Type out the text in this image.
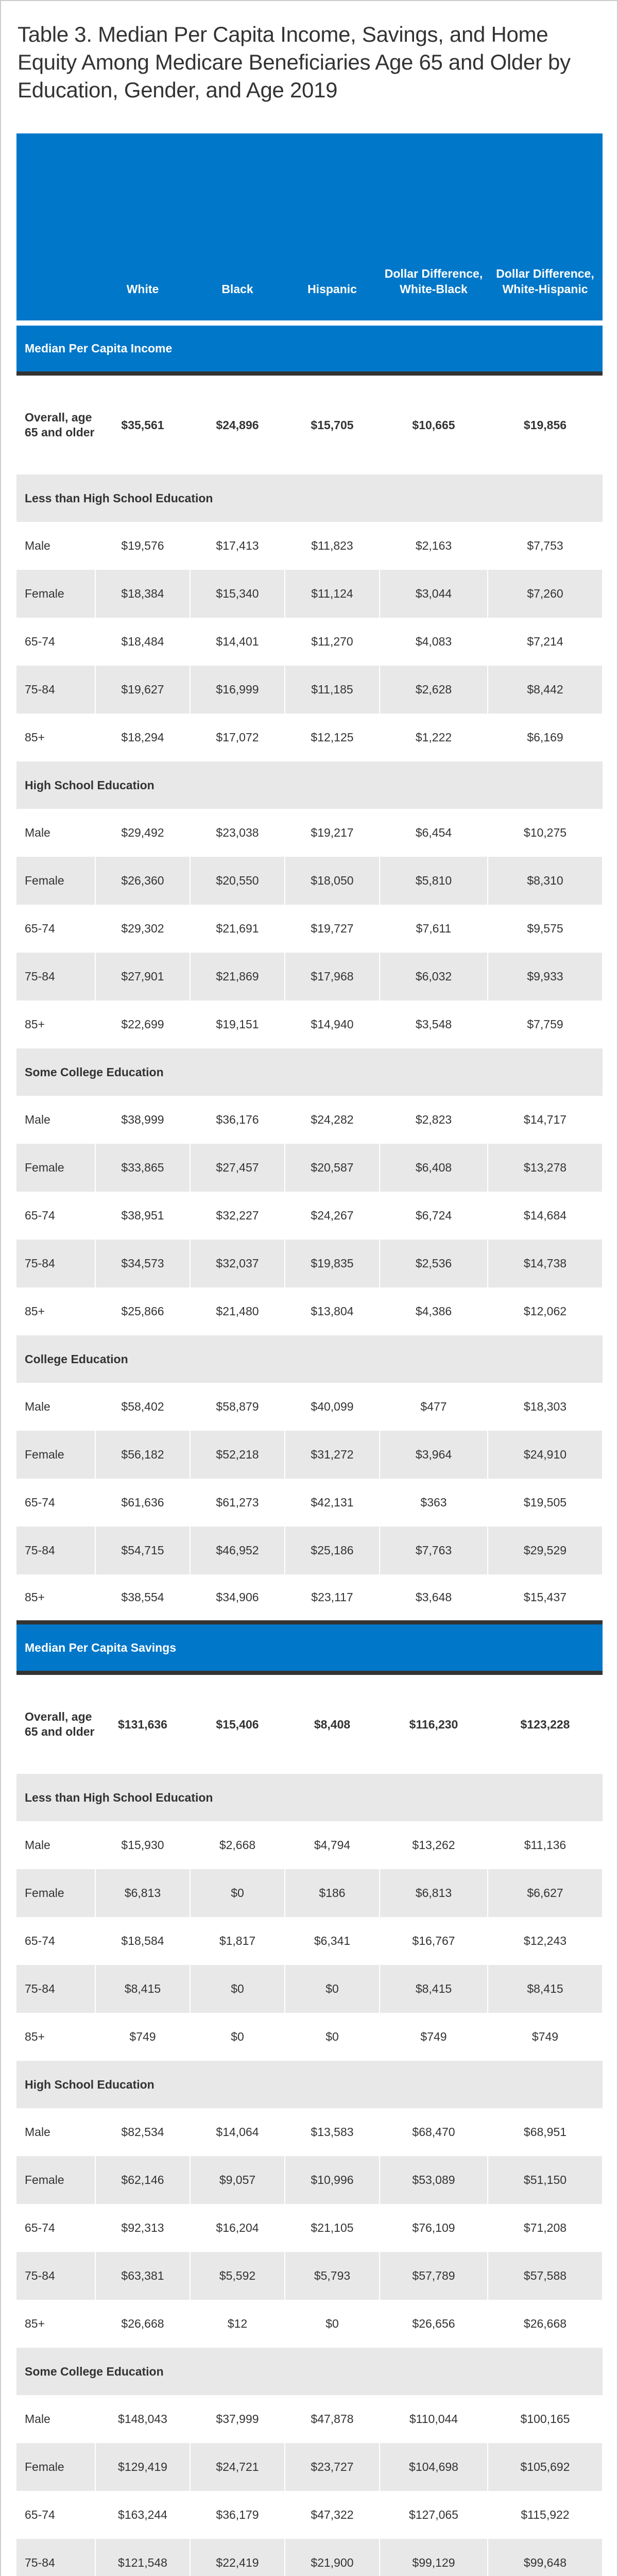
Table 3. Median Per Capita Income, Savings, and Home Equity Among Medicare Beneficiaries Age 65 and Older by Education, Gender, and Age 2019
	White	Black	Hispanic	Dollar Difference, White-Black	Dollar Difference, White-Hispanic
Median Per Capita Income					
Overall, age 65 and older	$35,561	$24,896	$15,705	$10,665	$19,856
Less than High School Education					
Male	$19,576	$17,413	$11,823	$2,163	$7,753
Female	$18,384	$15,340	$11,124	$3,044	$7,260
65-74	$18,484	$14,401	$11,270	$4,083	$7,214
75-84	$19,627	$16,999	$11,185	$2,628	$8,442
85+	$18,294	$17,072	$12,125	$1,222	$6,169
High School Education					
Male	$29,492	$23,038	$19,217	$6,454	$10,275
Female	$26,360	$20,550	$18,050	$5,810	$8,310
65-74	$29,302	$21,691	$19,727	$7,611	$9,575
75-84	$27,901	$21,869	$17,968	$6,032	$9,933
85+	$22,699	$19,151	$14,940	$3,548	$7,759
Some College Education					
Male	$38,999	$36,176	$24,282	$2,823	$14,717
Female	$33,865	$27,457	$20,587	$6,408	$13,278
65-74	$38,951	$32,227	$24,267	$6,724	$14,684
75-84	$34,573	$32,037	$19,835	$2,536	$14,738
85+	$25,866	$21,480	$13,804	$4,386	$12,062
College Education					
Male	$58,402	$58,879	$40,099	$477	$18,303
Female	$56,182	$52,218	$31,272	$3,964	$24,910
65-74	$61,636	$61,273	$42,131	$363	$19,505
75-84	$54,715	$46,952	$25,186	$7,763	$29,529
85+	$38,554	$34,906	$23,117	$3,648	$15,437
Median Per Capita Savings					
Overall, age 65 and older	$131,636	$15,406	$8,408	$116,230	$123,228
Less than High School Education					
Male	$15,930	$2,668	$4,794	$13,262	$11,136
Female	$6,813	$0	$186	$6,813	$6,627
65-74	$18,584	$1,817	$6,341	$16,767	$12,243
75-84	$8,415	$0	$0	$8,415	$8,415
85+	$749	$0	$0	$749	$749
High School Education					
Male	$82,534	$14,064	$13,583	$68,470	$68,951
Female	$62,146	$9,057	$10,996	$53,089	$51,150
65-74	$92,313	$16,204	$21,105	$76,109	$71,208
75-84	$63,381	$5,592	$5,793	$57,789	$57,588
85+	$26,668	$12	$0	$26,656	$26,668
Some College Education					
Male	$148,043	$37,999	$47,878	$110,044	$100,165
Female	$129,419	$24,721	$23,727	$104,698	$105,692
65-74	$163,244	$36,179	$47,322	$127,065	$115,922
75-84	$121,548	$22,419	$21,900	$99,129	$99,648
